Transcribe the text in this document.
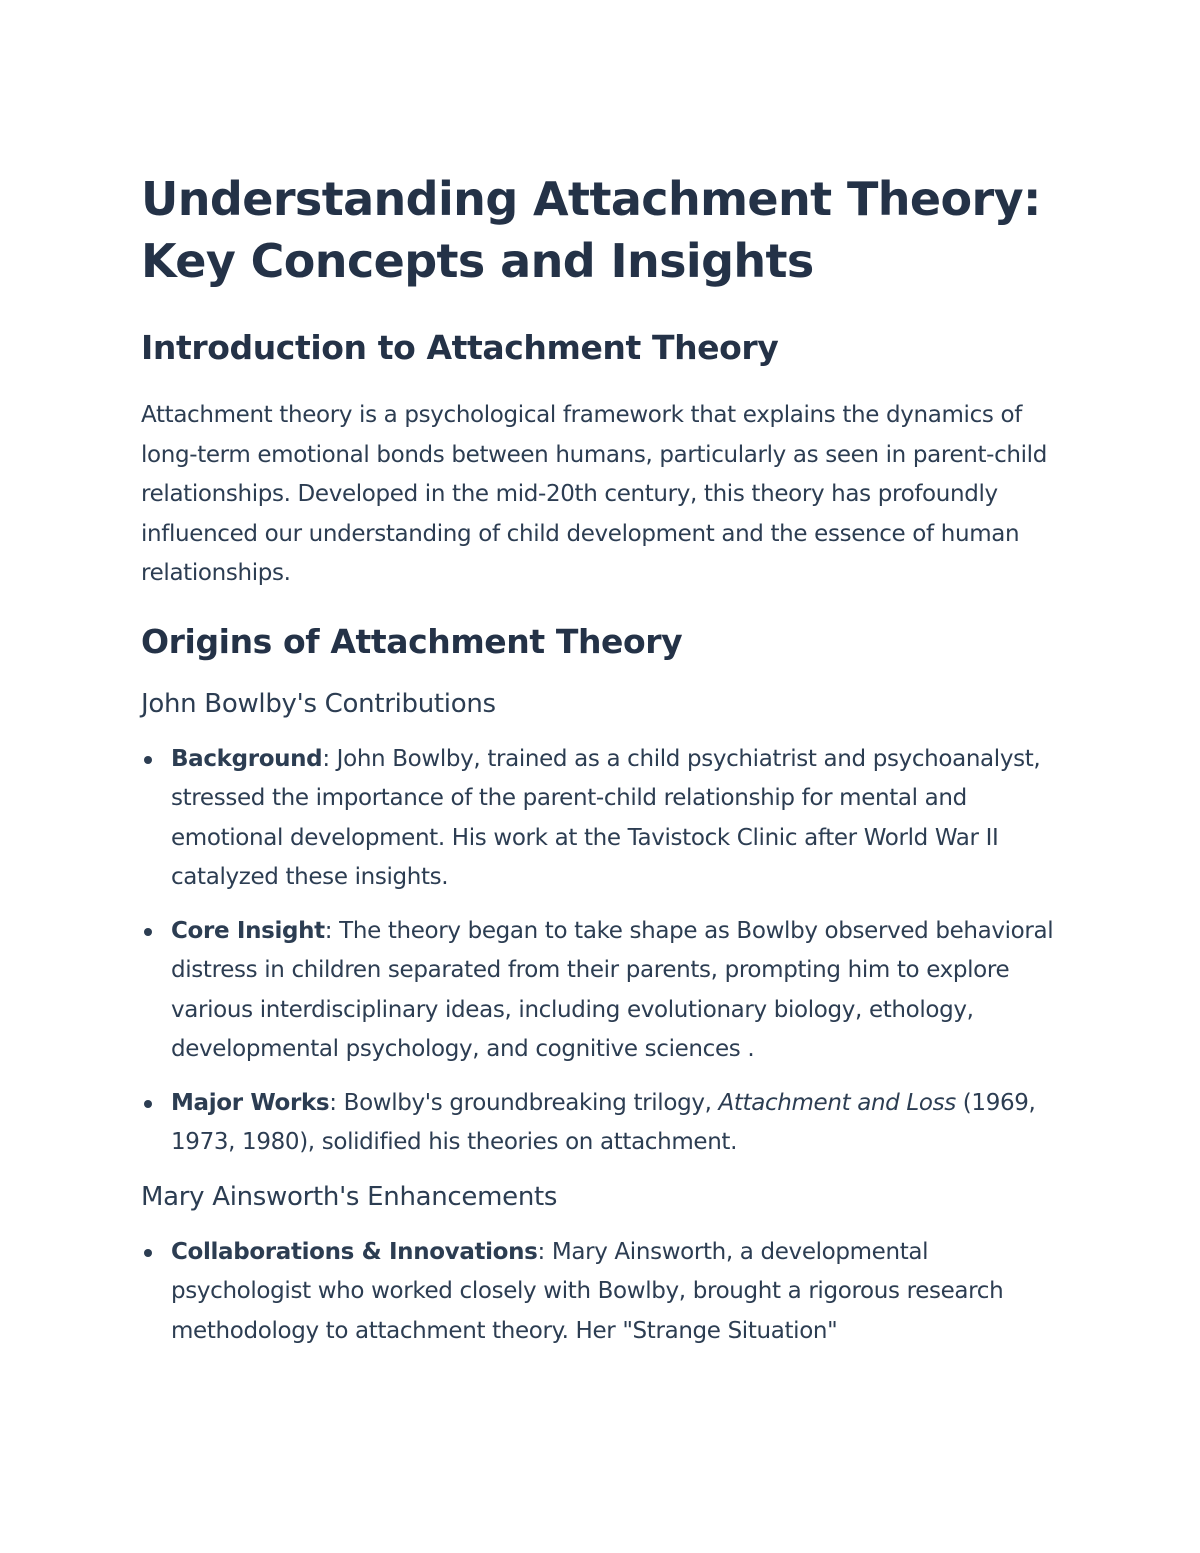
Understanding Attachment Theory: Key Concepts and Insights
Introduction to Attachment Theory

Attachment theory is a psychological framework that explains the dynamics of long-term emotional bonds between humans, particularly as seen in parent-child relationships. Developed in the mid-20th century, this theory has profoundly influenced our understanding of child development and the essence of human relationships.

Origins of Attachment Theory
John Bowlby's Contributions
Background: John Bowlby, trained as a child psychiatrist and psychoanalyst, stressed the importance of the parent-child relationship for mental and emotional development. His work at the Tavistock Clinic after World War II catalyzed these insights.
Core Insight: The theory began to take shape as Bowlby observed behavioral distress in children separated from their parents, prompting him to explore various interdisciplinary ideas, including evolutionary biology, ethology, developmental psychology, and cognitive sciences .
Major Works: Bowlby's groundbreaking trilogy, Attachment and Loss (1969, 1973, 1980), solidified his theories on attachment.
Mary Ainsworth's Enhancements
Collaborations & Innovations: Mary Ainsworth, a developmental psychologist who worked closely with Bowlby, brought a rigorous research methodology to attachment theory. Her "Strange Situation"
